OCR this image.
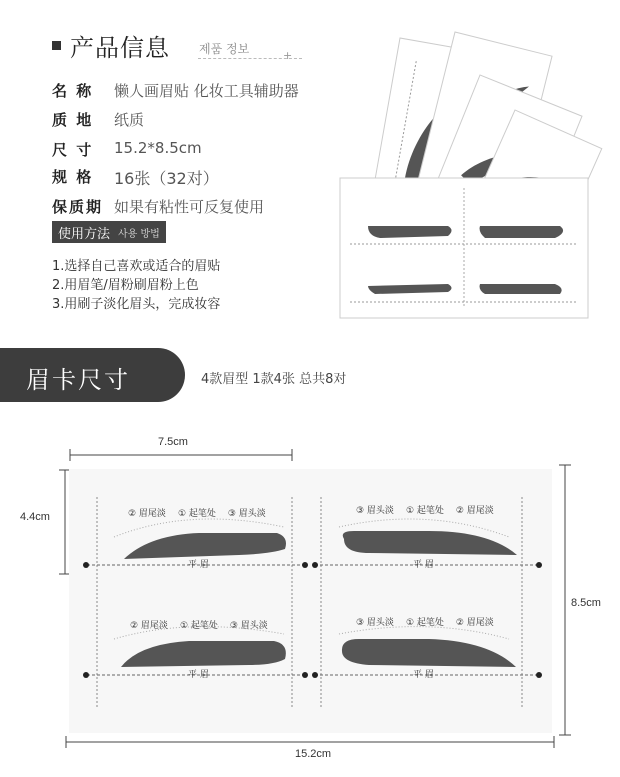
产品信息 제품 정보	+
名 称	懒人画眉贴 化妆工具辅助器
质 地	纸质
尺 寸	15.2*8.5cm
规 格	16张（32对）
保质期 如果有粘性可反复使用
使用方法 사용 방법
1.选择自己喜欢或适合的眉贴
2.用眉笔/眉粉刷眉粉上色
3.用刷子淡化眉头，完成妆容
眉卡尺寸	4款眉型 1款4张 总共8对
7.5cm
4.4cm
8.5cm
15.2cm
② 眉尾淡 ① 起笔处 ③ 眉头淡	③ 眉头淡 ① 起笔处 ② 眉尾淡
② 眉尾淡 ① 起笔处 ③ 眉头淡	③ 眉头淡 ① 起笔处 ② 眉尾淡
平 眉	平 眉
平 眉	平 眉
